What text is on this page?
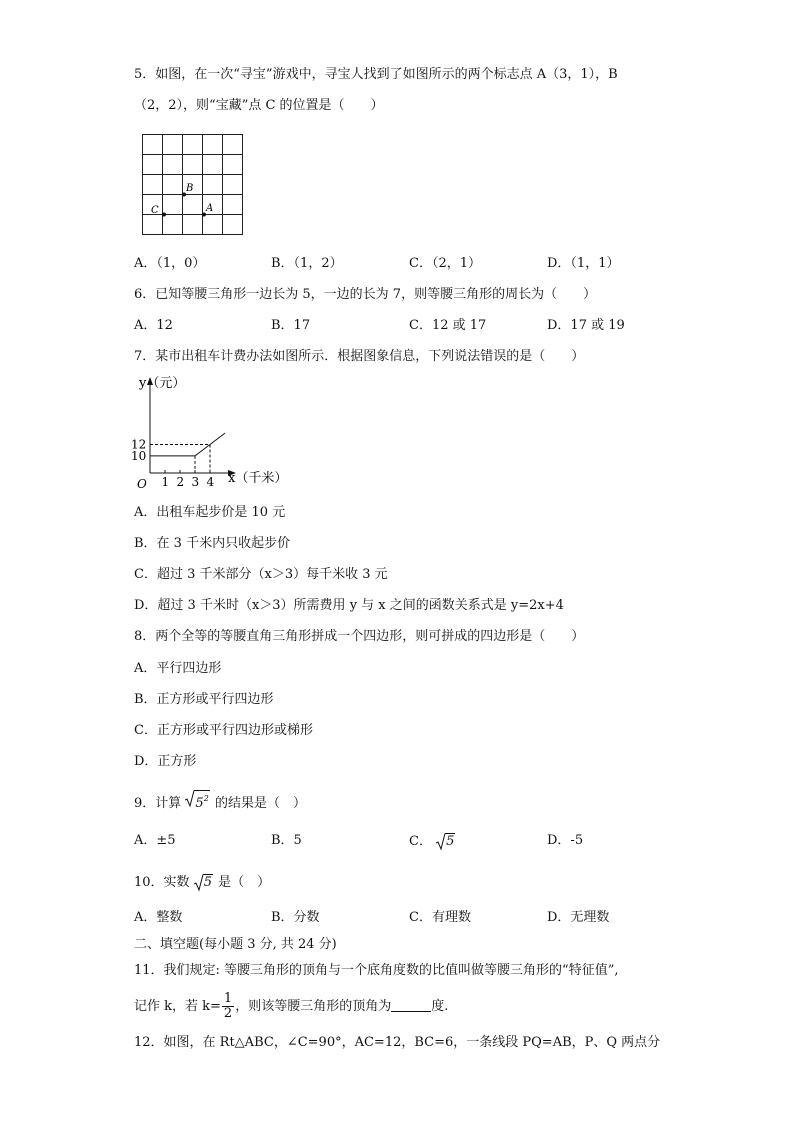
5．如图，在一次“寻宝”游戏中，寻宝人找到了如图所示的两个标志点 A（3，1），B
（2，2），则“宝藏”点 C 的位置是（　　）
B
A
C
A．（1，0）	B．（1，2）	C．（2，1）	D．（1，1）
6．已知等腰三角形一边长为 5，一边的长为 7，则等腰三角形的周长为（　　）
A．12	B．17	C．12 或 17	D．17 或 19
7．某市出租车计费办法如图所示．根据图象信息，下列说法错误的是（　　）
1 2 3 4
10
12
y（元）
x（千米）
O
A．出租车起步价是 10 元
B．在 3 千米内只收起步价
C．超过 3 千米部分（x＞3）每千米收 3 元
D．超过 3 千米时（x＞3）所需费用 y 与 x 之间的函数关系式是 y=2x+4
8．两个全等的等腰直角三角形拼成一个四边形，则可拼成的四边形是（　　）
A．平行四边形
B．正方形或平行四边形
C．正方形或平行四边形或梯形
D．正方形
9．计算 $5^2$ 的结果是（　）
A．±5	B．5	C． 5	D．-5
10．实数 5 是（　）
A．整数	B．分数	C．有理数	D．无理数
二、填空题(每小题 3 分, 共 24 分)
11．我们规定: 等腰三角形的顶角与一个底角度数的比值叫做等腰三角形的“特征值”,
记作 k，若 $k= \frac{1}{2}$ ，则该等腰三角形的顶角为	度.
12．如图，在 Rt△ABC，∠C=90°，AC=12，BC=6，一条线段 PQ=AB，P、Q 两点分
